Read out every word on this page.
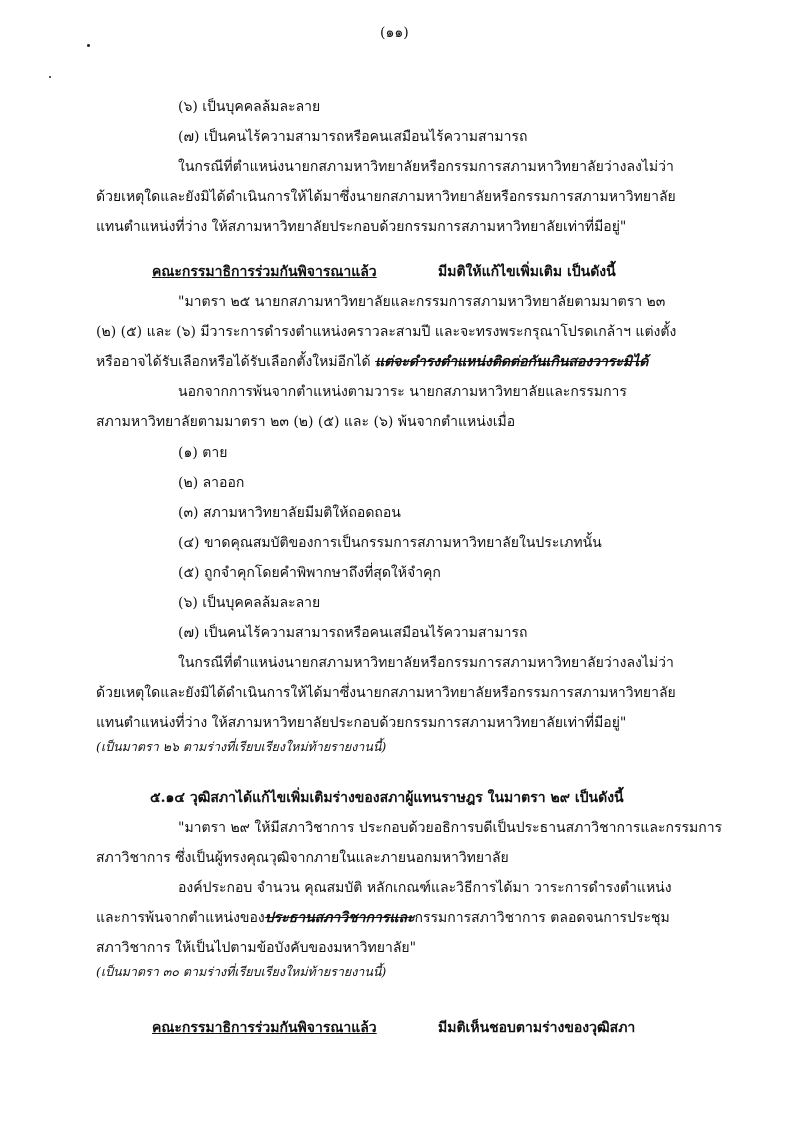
(๑๑)
(๖) เป็นบุคคลล้มละลาย
(๗) เป็นคนไร้ความสามารถหรือคนเสมือนไร้ความสามารถ
ในกรณีที่ตำแหน่งนายกสภามหาวิทยาลัยหรือกรรมการสภามหาวิทยาลัยว่างลงไม่ว่า
ด้วยเหตุใดและยังมิได้ดำเนินการให้ได้มาซึ่งนายกสภามหาวิทยาลัยหรือกรรมการสภามหาวิทยาลัย
แทนตำแหน่งที่ว่าง ให้สภามหาวิทยาลัยประกอบด้วยกรรมการสภามหาวิทยาลัยเท่าที่มีอยู่"
คณะกรรมาธิการร่วมกันพิจารณาแล้ว	มีมติให้แก้ไขเพิ่มเติม เป็นดังนี้
"มาตรา ๒๕ นายกสภามหาวิทยาลัยและกรรมการสภามหาวิทยาลัยตามมาตรา ๒๓
(๒) (๕) และ (๖) มีวาระการดำรงตำแหน่งคราวละสามปี และจะทรงพระกรุณาโปรดเกล้าฯ แต่งตั้ง
หรืออาจได้รับเลือกหรือได้รับเลือกตั้งใหม่อีกได้ แต่จะดำรงตำแหน่งติดต่อกันเกินสองวาระมิได้
นอกจากการพ้นจากตำแหน่งตามวาระ นายกสภามหาวิทยาลัยและกรรมการ
สภามหาวิทยาลัยตามมาตรา ๒๓ (๒) (๕) และ (๖) พ้นจากตำแหน่งเมื่อ
(๑) ตาย
(๒) ลาออก
(๓) สภามหาวิทยาลัยมีมติให้ถอดถอน
(๔) ขาดคุณสมบัติของการเป็นกรรมการสภามหาวิทยาลัยในประเภทนั้น
(๕) ถูกจำคุกโดยคำพิพากษาถึงที่สุดให้จำคุก
(๖) เป็นบุคคลล้มละลาย
(๗) เป็นคนไร้ความสามารถหรือคนเสมือนไร้ความสามารถ
ในกรณีที่ตำแหน่งนายกสภามหาวิทยาลัยหรือกรรมการสภามหาวิทยาลัยว่างลงไม่ว่า
ด้วยเหตุใดและยังมิได้ดำเนินการให้ได้มาซึ่งนายกสภามหาวิทยาลัยหรือกรรมการสภามหาวิทยาลัย
แทนตำแหน่งที่ว่าง ให้สภามหาวิทยาลัยประกอบด้วยกรรมการสภามหาวิทยาลัยเท่าที่มีอยู่"
(เป็นมาตรา ๒๖ ตามร่างที่เรียบเรียงใหม่ท้ายรายงานนี้)
๕.๑๔ วุฒิสภาได้แก้ไขเพิ่มเติมร่างของสภาผู้แทนราษฎร ในมาตรา ๒๙ เป็นดังนี้
"มาตรา ๒๙ ให้มีสภาวิชาการ ประกอบด้วยอธิการบดีเป็นประธานสภาวิชาการและกรรมการ
สภาวิชาการ ซึ่งเป็นผู้ทรงคุณวุฒิจากภายในและภายนอกมหาวิทยาลัย
องค์ประกอบ จำนวน คุณสมบัติ หลักเกณฑ์และวิธีการได้มา วาระการดำรงตำแหน่ง
และการพ้นจากตำแหน่งของประธานสภาวิชาการและกรรมการสภาวิชาการ ตลอดจนการประชุม
สภาวิชาการ ให้เป็นไปตามข้อบังคับของมหาวิทยาลัย"
(เป็นมาตรา ๓๐ ตามร่างที่เรียบเรียงใหม่ท้ายรายงานนี้)
คณะกรรมาธิการร่วมกันพิจารณาแล้ว	มีมติเห็นชอบตามร่างของวุฒิสภา
